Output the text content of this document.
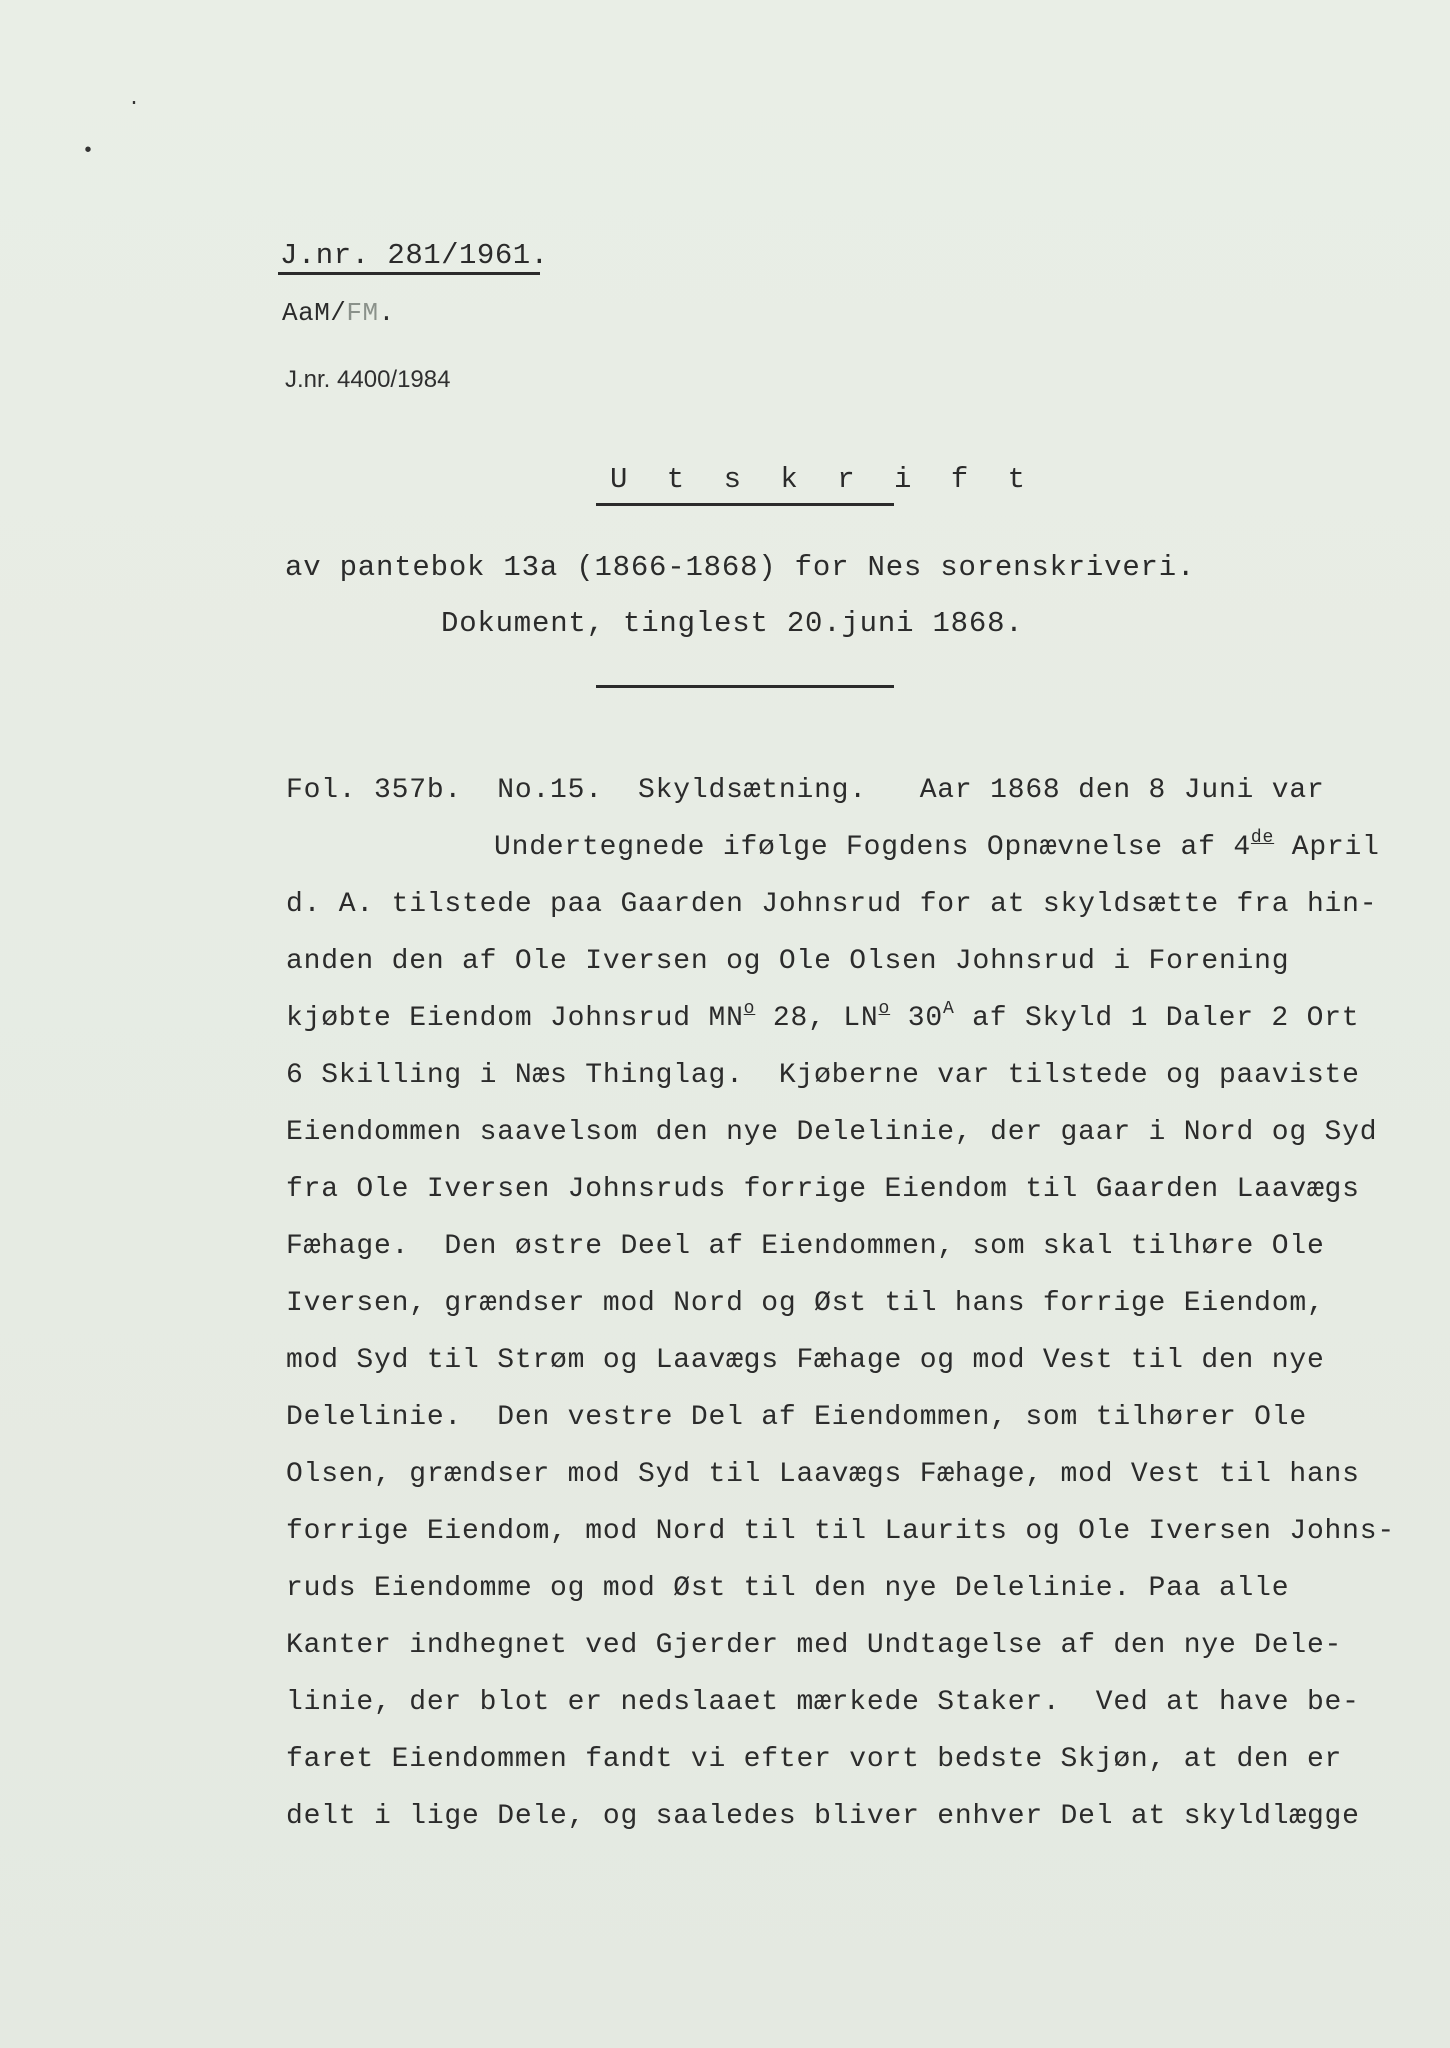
·
•
J.nr. 281/1961.
AaM/FM.
J.nr. 4400/1984
U t s k r i f t
av pantebok 13a (1866-1868) for Nes sorenskriveri.
Dokument, tinglest 20.juni 1868.
Fol. 357b.  No.15.  Skyldsætning.   Aar 1868 den 8 Juni var
Undertegnede ifølge Fogdens Opnævnelse af 4de April
d. A. tilstede paa Gaarden Johnsrud for at skyldsætte fra hin-
anden den af Ole Iversen og Ole Olsen Johnsrud i Forening
kjøbte Eiendom Johnsrud $MN^o$ 28, $LN^o$ $30^A$ af Skyld 1 Daler 2 Ort
6 Skilling i Næs Thinglag.  Kjøberne var tilstede og paaviste
Eiendommen saavelsom den nye Delelinie, der gaar i Nord og Syd
fra Ole Iversen Johnsruds forrige Eiendom til Gaarden Laavægs
Fæhage.  Den østre Deel af Eiendommen, som skal tilhøre Ole
Iversen, grændser mod Nord og Øst til hans forrige Eiendom,
mod Syd til Strøm og Laavægs Fæhage og mod Vest til den nye
Delelinie.  Den vestre Del af Eiendommen, som tilhører Ole
Olsen, grændser mod Syd til Laavægs Fæhage, mod Vest til hans
forrige Eiendom, mod Nord til til Laurits og Ole Iversen Johns-
ruds Eiendomme og mod Øst til den nye Delelinie. Paa alle
Kanter indhegnet ved Gjerder med Undtagelse af den nye Dele-
linie, der blot er nedslaaet mærkede Staker.  Ved at have be-
faret Eiendommen fandt vi efter vort bedste Skjøn, at den er
delt i lige Dele, og saaledes bliver enhver Del at skyldlægge
